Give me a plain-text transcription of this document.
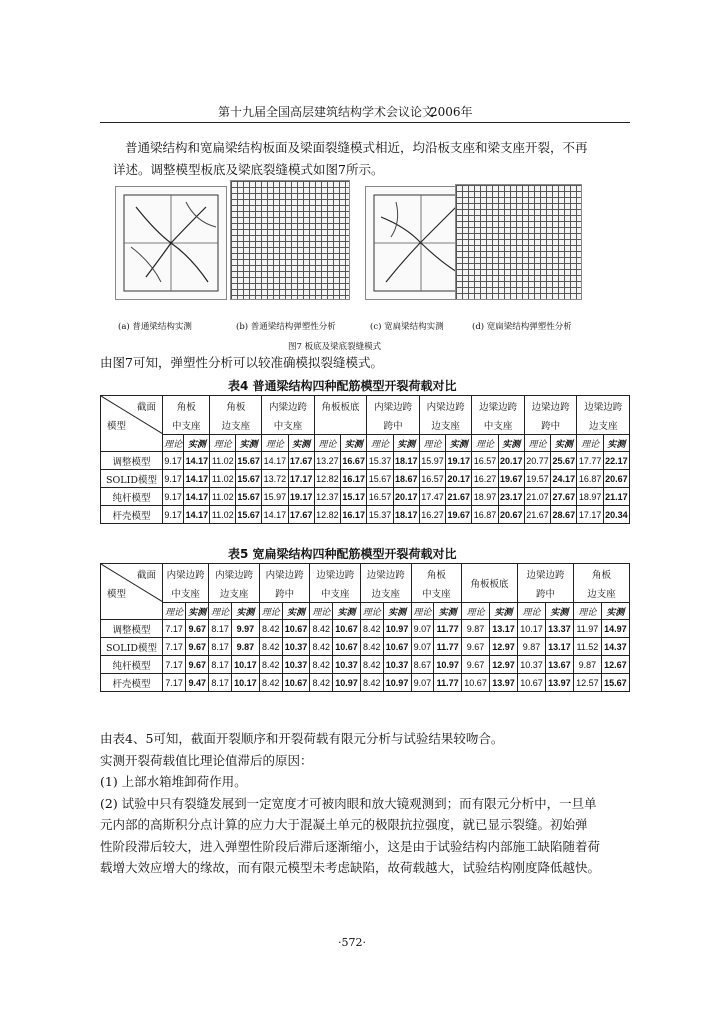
第十九届全国高层建筑结构学术会议论文
2006年
普通梁结构和宽扁梁结构板面及梁面裂缝模式相近，均沿板支座和梁支座开裂，不再
详述。调整模型板底及梁底裂缝模式如图7所示。
(a) 普通梁结构实测	(b) 普通梁结构弹塑性分析	(c) 宽扁梁结构实测	(d) 宽扁梁结构弹塑性分析
图7 板底及梁底裂缝模式
由图7可知，弹塑性分析可以较准确模拟裂缝模式。
表4 普通梁结构四种配筋模型开裂荷载对比
截面
模型	角板		角板		内梁边跨		角板板底		内梁边跨		内梁边跨		边梁边跨		边梁边跨		边梁边跨	
	中支座		边支座		中支座				跨中		边支座		中支座		跨中		边支座	
	理论	实测	理论	实测	理论	实测	理论	实测	理论	实测	理论	实测	理论	实测	理论	实测	理论	实测
调整模型	9.17	14.17	11.02	15.67	14.17	17.67	13.27	16.67	15.37	18.17	15.97	19.17	16.57	20.17	20.77	25.67	17.77	22.17
SOLID模型	9.17	14.17	11.02	15.67	13.72	17.17	12.82	16.17	15.67	18.67	16.57	20.17	16.27	19.67	19.57	24.17	16.87	20.67
纯杆模型	9.17	14.17	11.02	15.67	15.97	19.17	12.37	15.17	16.57	20.17	17.47	21.67	18.97	23.17	21.07	27.67	18.97	21.17
杆壳模型	9.17	14.17	11.02	15.67	14.17	17.67	12.82	16.17	15.37	18.17	16.27	19.67	16.87	20.67	21.67	28.67	17.17	20.34
表5 宽扁梁结构四种配筋模型开裂荷载对比
截面
模型	内梁边跨		内梁边跨		内梁边跨		边梁边跨		边梁边跨		角板		角板板底		边梁边跨		角板	
	中支座		边支座		跨中		中支座		边支座		中支座				跨中		边支座	
	理论	实测	理论	实测	理论	实测	理论	实测	理论	实测	理论	实测	理论	实测	理论	实测	理论	实测
调整模型	7.17	9.67	8.17	9.97	8.42	10.67	8.42	10.67	8.42	10.97	9.07	11.77	9.87	13.17	10.17	13.37	11.97	14.97
SOLID模型	7.17	9.67	8.17	9.87	8.42	10.37	8.42	10.67	8.42	10.67	9.07	11.77	9.67	12.97	9.87	13.17	11.52	14.37
纯杆模型	7.17	9.67	8.17	10.17	8.42	10.37	8.42	10.37	8.42	10.37	8.67	10.97	9.67	12.97	10.37	13.67	9.87	12.67
杆壳模型	7.17	9.47	8.17	10.17	8.42	10.67	8.42	10.97	8.42	10.97	9.07	11.77	10.67	13.97	10.67	13.97	12.57	15.67
由表4、5可知，截面开裂顺序和开裂荷载有限元分析与试验结果较吻合。
实测开裂荷载值比理论值滞后的原因：
(1) 上部水箱堆卸荷作用。
(2) 试验中只有裂缝发展到一定宽度才可被肉眼和放大镜观测到；而有限元分析中，一旦单
元内部的高斯积分点计算的应力大于混凝土单元的极限抗拉强度，就已显示裂缝。初始弹
性阶段滞后较大，进入弹塑性阶段后滞后逐渐缩小，这是由于试验结构内部施工缺陷随着荷
载增大效应增大的缘故，而有限元模型未考虑缺陷，故荷载越大，试验结构刚度降低越快。
·572·
